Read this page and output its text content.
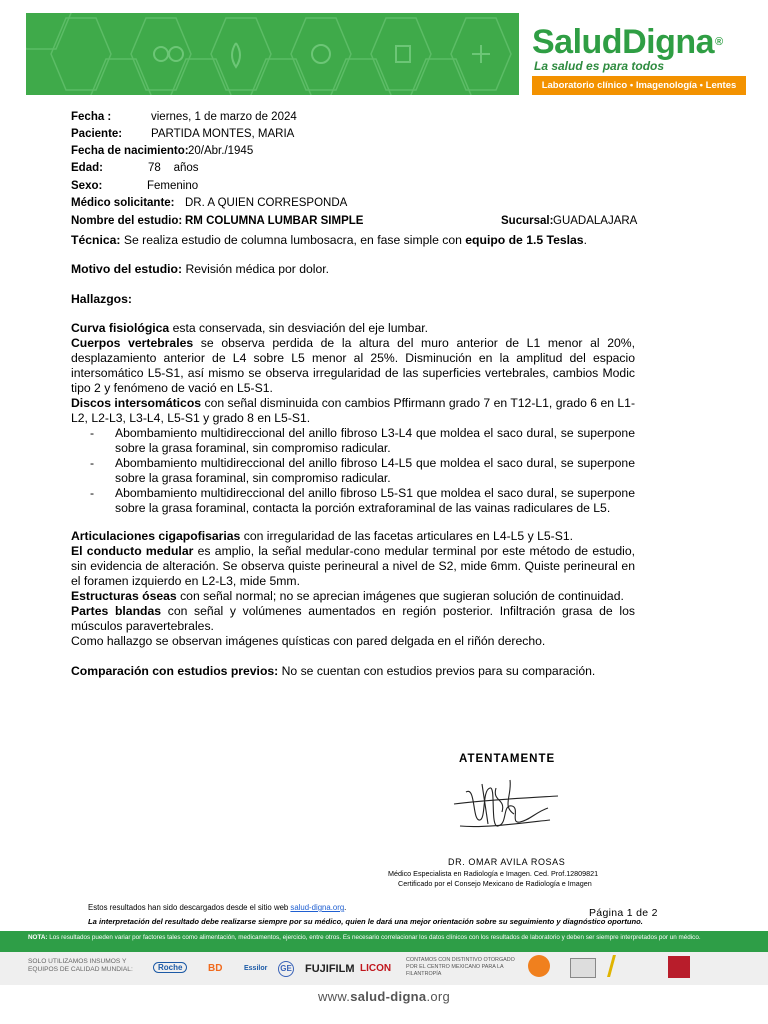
SaludDigna®
La salud es para todos
Laboratorio clínico • Imagenología • Lentes
Fecha :	viernes, 1 de marzo de 2024
Paciente:	PARTIDA MONTES, MARIA
Fecha de nacimiento: 20/Abr./1945
Edad:	78    años
Sexo:	Femenino
Médico solicitante: DR. A QUIEN CORRESPONDA
Nombre del estudio: RM COLUMNA LUMBAR SIMPLE	Sucursal: GUADALAJARA
Técnica: Se realiza estudio de columna lumbosacra, en fase simple con equipo de 1.5 Teslas.
Motivo del estudio: Revisión médica por dolor.
Hallazgos:
Curva fisiológica esta conservada, sin desviación del eje lumbar.
Cuerpos vertebrales se observa perdida de la altura del muro anterior de L1 menor al 20%, desplazamiento anterior de L4 sobre L5 menor al 25%. Disminución en la amplitud del espacio intersomático L5-S1, así mismo se observa irregularidad de las superficies vertebrales, cambios Modic tipo 2 y fenómeno de vació en L5-S1.
Discos intersomáticos con señal disminuida con cambios Pffirmann grado 7 en T12-L1, grado 6 en L1-L2, L2-L3, L3-L4, L5-S1 y grado 8 en L5-S1.
- Abombamiento multidireccional del anillo fibroso L3-L4 que moldea el saco dural, se superpone sobre la grasa foraminal, sin compromiso radicular.
- Abombamiento multidireccional del anillo fibroso L4-L5 que moldea el saco dural, se superpone sobre la grasa foraminal, sin compromiso radicular.
- Abombamiento multidireccional del anillo fibroso L5-S1 que moldea el saco dural, se superpone sobre la grasa foraminal, contacta la porción extraforaminal de las vainas radiculares de L5.
Articulaciones cigapofisarias con irregularidad de las facetas articulares en L4-L5 y L5-S1.
El conducto medular es amplio, la señal medular-cono medular terminal por este método de estudio, sin evidencia de alteración. Se observa quiste perineural a nivel de S2, mide 6mm. Quiste perineural en el foramen izquierdo en L2-L3, mide 5mm.
Estructuras óseas con señal normal; no se aprecian imágenes que sugieran solución de continuidad.
Partes blandas con señal y volúmenes aumentados en región posterior. Infiltración grasa de los músculos paravertebrales.
Como hallazgo se observan imágenes quísticas con pared delgada en el riñón derecho.
Comparación con estudios previos: No se cuentan con estudios previos para su comparación.
ATENTAMENTE
DR. OMAR AVILA ROSAS
Médico Especialista en Radiología e Imagen. Ced. Prof.12809821
Certificado por el Consejo Mexicano de Radiología e Imagen
Estos resultados han sido descargados desde el sitio web salud-digna.org.
La interpretación del resultado debe realizarse siempre por su médico, quien le dará una mejor orientación sobre su seguimiento y diagnóstico oportuno.
Página 1 de 2
NOTA: Los resultados pueden variar por factores tales como alimentación, medicamentos, ejercicio, entre otros. Es necesario correlacionar los datos clínicos con los resultados de laboratorio y deben ser siempre interpretados por un médico.
SOLO UTILIZAMOS INSUMOS Y EQUIPOS DE CALIDAD MUNDIAL:	Roche	BD	Essilor GE FUJIFILM LICON
CONTAMOS CON DISTINTIVO OTORGADO POR EL CENTRO MEXICANO PARA LA FILANTROPÍA
www.salud-digna.org
